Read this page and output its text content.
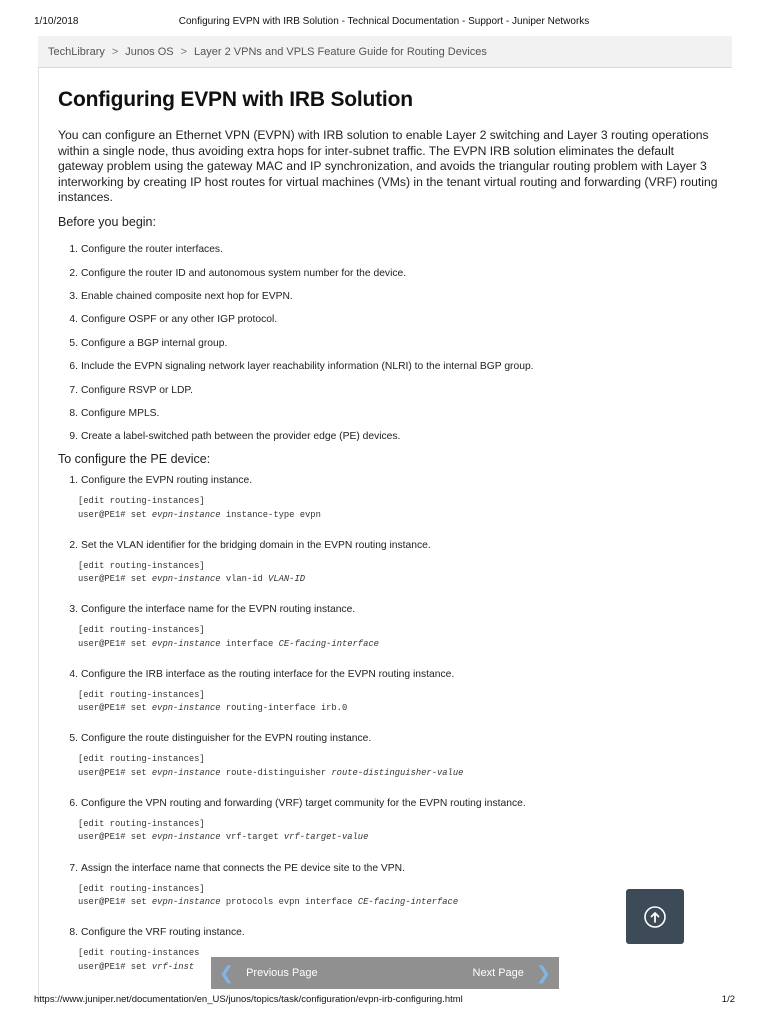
1/10/2018	Configuring EVPN with IRB Solution - Technical Documentation - Support - Juniper Networks
TechLibrary > Junos OS > Layer 2 VPNs and VPLS Feature Guide for Routing Devices
Configuring EVPN with IRB Solution

You can configure an Ethernet VPN (EVPN) with IRB solution to enable Layer 2 switching and Layer 3 routing operations within a single node, thus avoiding extra hops for inter-subnet traffic. The EVPN IRB solution eliminates the default gateway problem using the gateway MAC and IP synchronization, and avoids the triangular routing problem with Layer 3 interworking by creating IP host routes for virtual machines (VMs) in the tenant virtual routing and forwarding (VRF) routing instances.

Before you begin:

1. Configure the router interfaces.
2. Configure the router ID and autonomous system number for the device.
3. Enable chained composite next hop for EVPN.
4. Configure OSPF or any other IGP protocol.
5. Configure a BGP internal group.
6. Include the EVPN signaling network layer reachability information (NLRI) to the internal BGP group.
7. Configure RSVP or LDP.
8. Configure MPLS.
9. Create a label-switched path between the provider edge (PE) devices.

To configure the PE device:

1. Configure the EVPN routing instance.
[edit routing-instances]
user@PE1# set evpn-instance instance-type evpn
2. Set the VLAN identifier for the bridging domain in the EVPN routing instance.
[edit routing-instances]
user@PE1# set evpn-instance vlan-id VLAN-ID
3. Configure the interface name for the EVPN routing instance.
[edit routing-instances]
user@PE1# set evpn-instance interface CE-facing-interface
4. Configure the IRB interface as the routing interface for the EVPN routing instance.
[edit routing-instances]
user@PE1# set evpn-instance routing-interface irb.0
5. Configure the route distinguisher for the EVPN routing instance.
[edit routing-instances]
user@PE1# set evpn-instance route-distinguisher route-distinguisher-value
6. Configure the VPN routing and forwarding (VRF) target community for the EVPN routing instance.
[edit routing-instances]
user@PE1# set evpn-instance vrf-target vrf-target-value
7. Assign the interface name that connects the PE device site to the VPN.
[edit routing-instances]
user@PE1# set evpn-instance protocols evpn interface CE-facing-interface
8. Configure the VRF routing instance.
[edit routing-instances
user@PE1# set vrf-inst ❮ Previous Page	Next Page ❯
https://www.juniper.net/documentation/en_US/junos/topics/task/configuration/evpn-irb-configuring.html	1/2
